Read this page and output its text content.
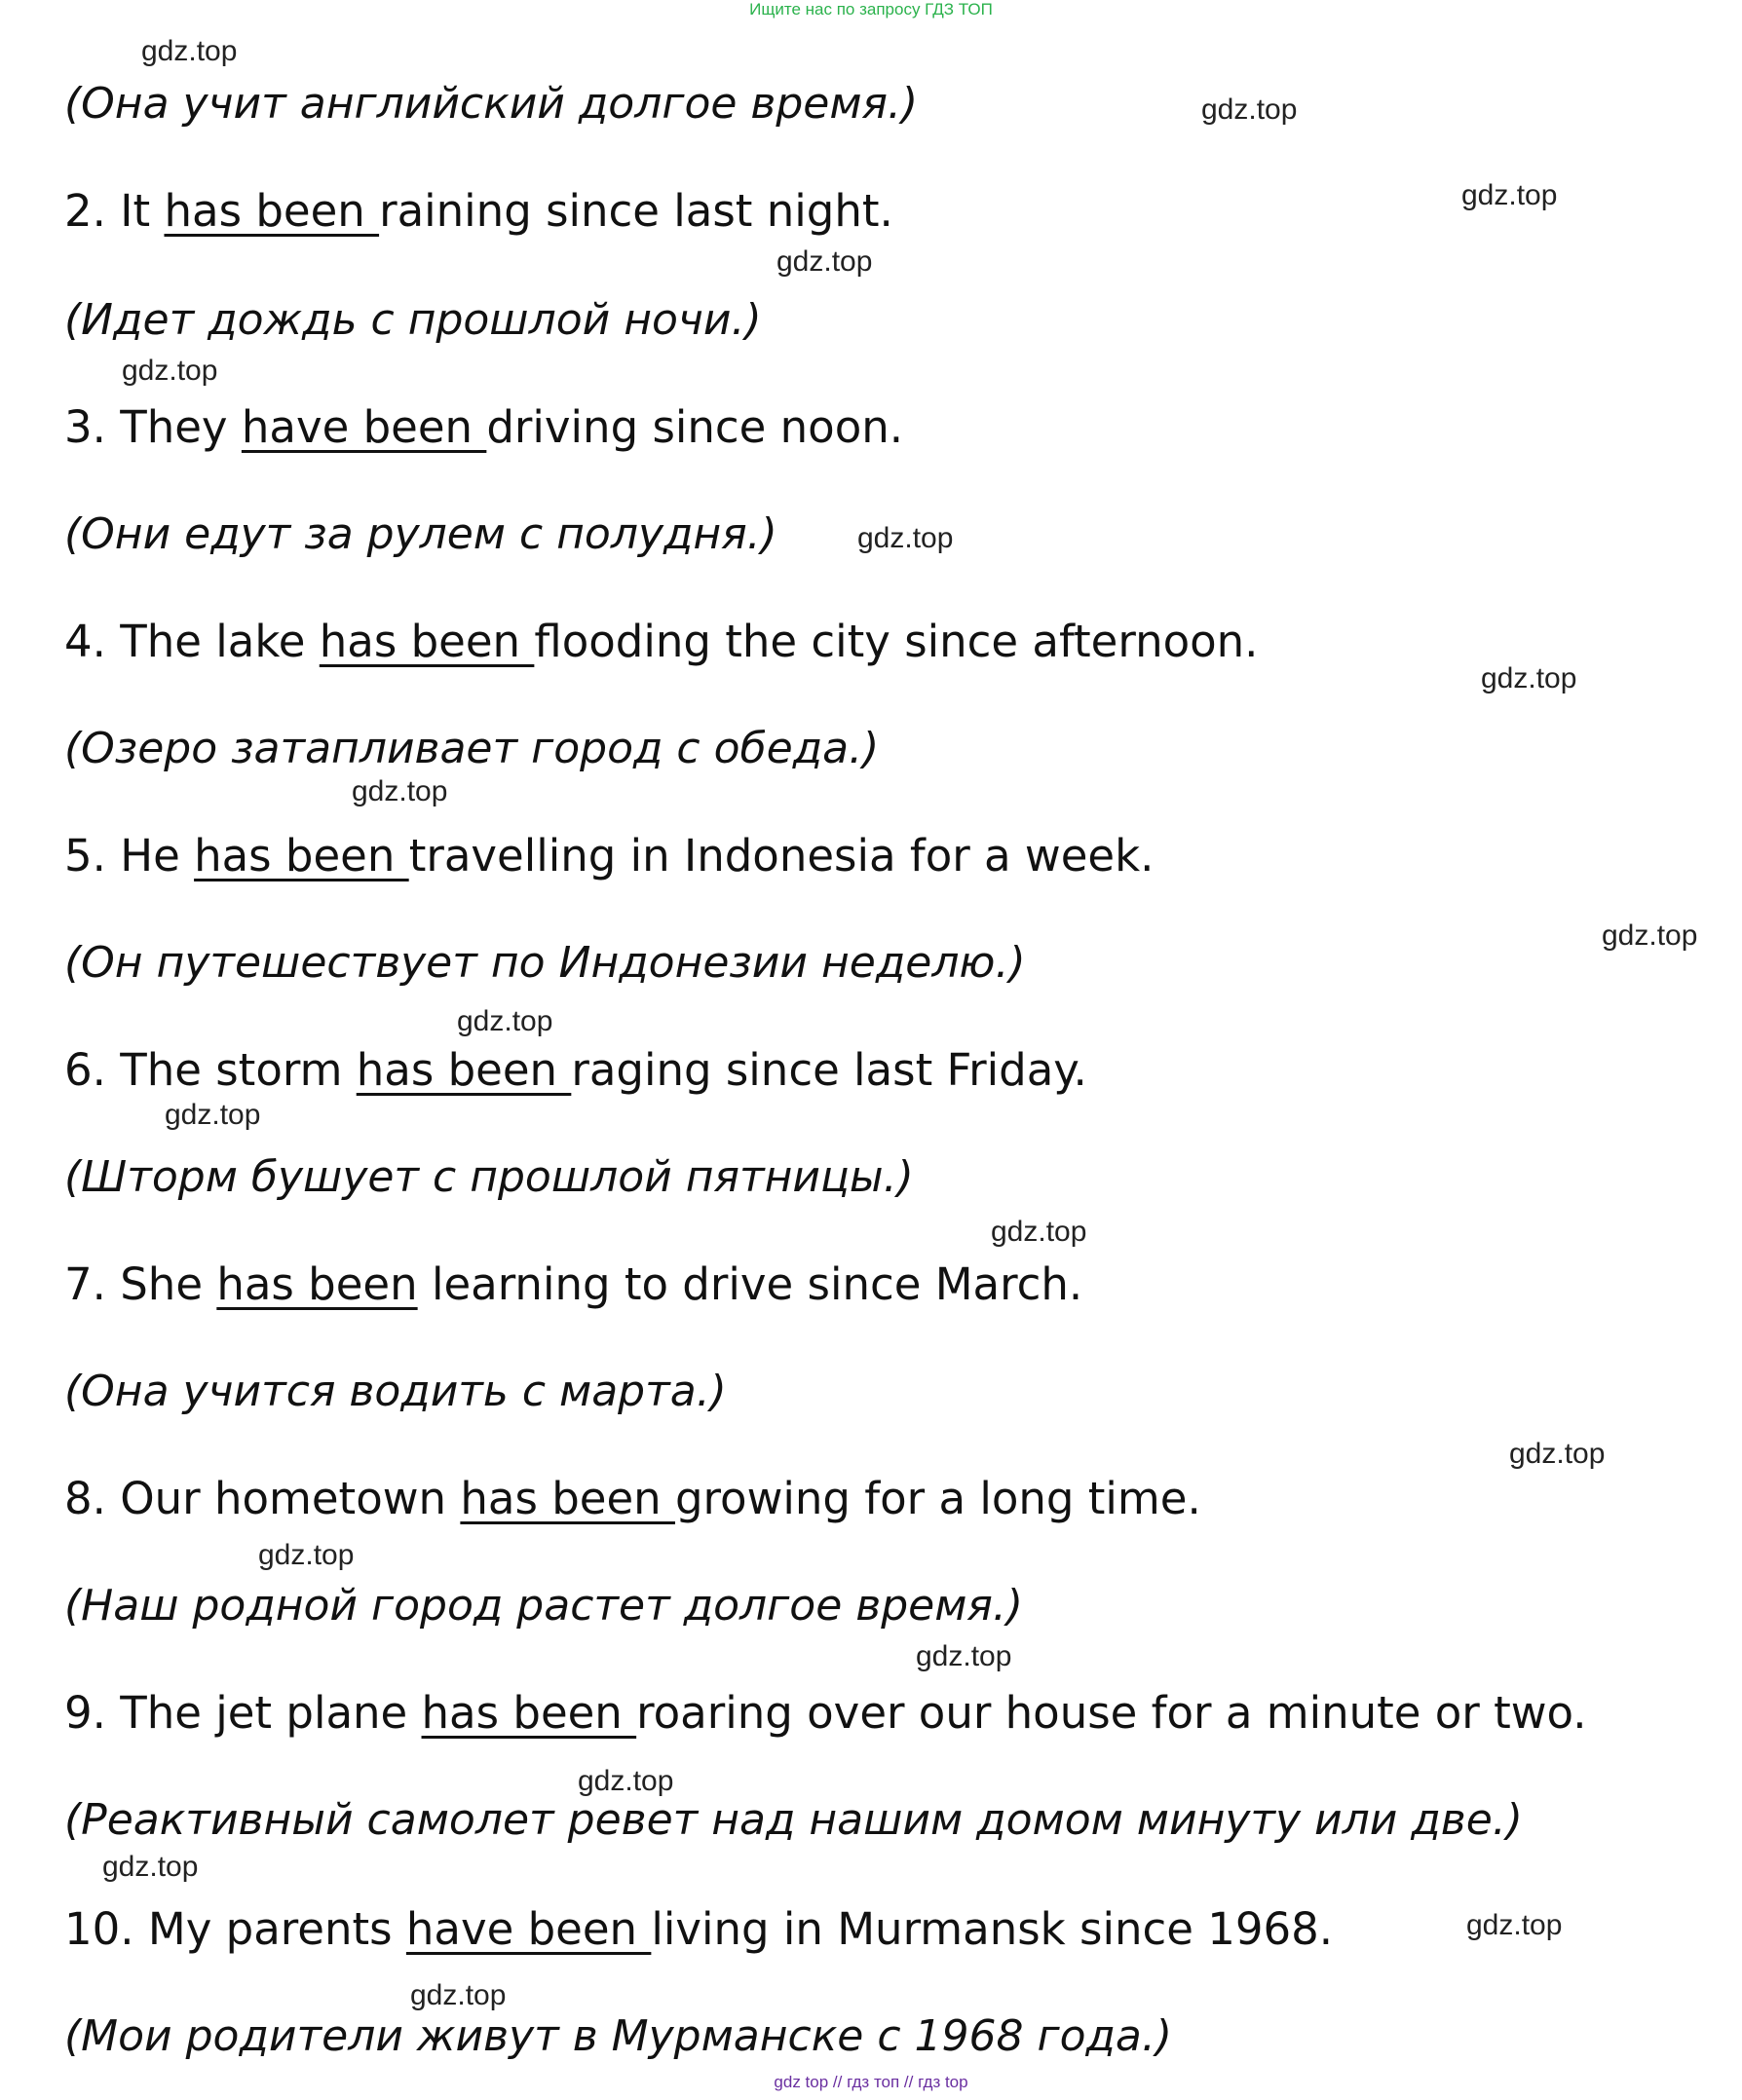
Ищите нас по запросу ГДЗ ТОП
(Она учит английский долгое время.)
2. It has been raining since last night.
(Идет дождь с прошлой ночи.)
3. They have been driving since noon.
(Они едут за рулем с полудня.)
4. The lake has been flooding the city since afternoon.
(Озеро затапливает город с обеда.)
5. He has been travelling in Indonesia for a week.
(Он путешествует по Индонезии неделю.)
6. The storm has been raging since last Friday.
(Шторм бушует с прошлой пятницы.)
7. She has been learning to drive since March.
(Она учится водить с марта.)
8. Our hometown has been growing for a long time.
(Наш родной город растет долгое время.)
9. The jet plane has been roaring over our house for a minute or two.
(Реактивный самолет ревет над нашим домом минуту или две.)
10. My parents have been living in Murmansk since 1968.
(Мои родители живут в Мурманске с 1968 года.)
gdz.top
gdz.top
gdz.top
gdz.top
gdz.top
gdz.top
gdz.top
gdz.top
gdz.top
gdz.top
gdz.top
gdz.top
gdz.top
gdz.top
gdz.top
gdz.top
gdz.top
gdz.top
gdz.top
gdz top // гдз топ // гдз top
